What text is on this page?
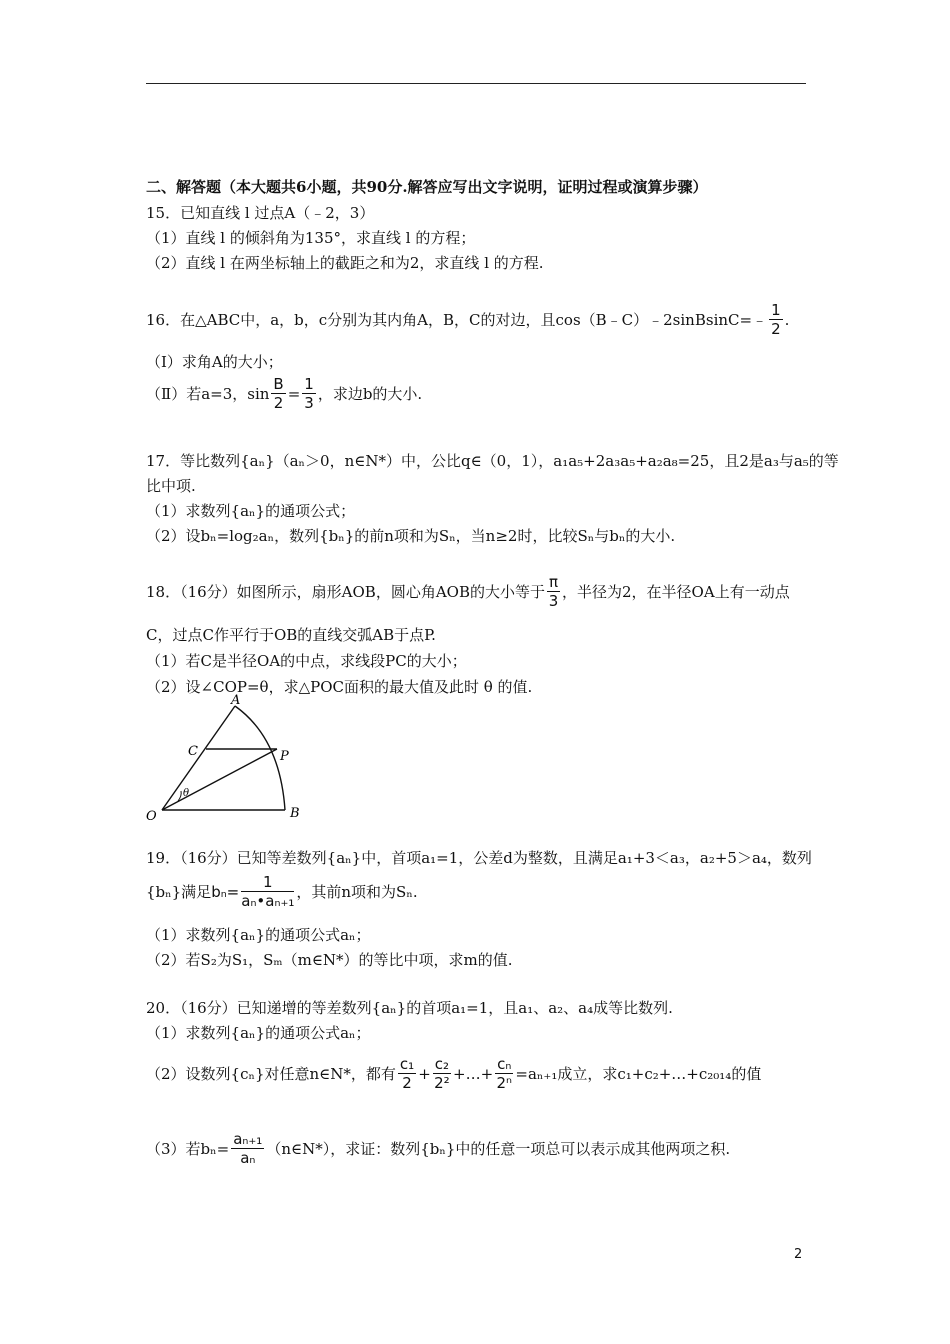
二、解答题（本大题共6小题，共90分.解答应写出文字说明，证明过程或演算步骤）
15．已知直线 l 过点A（﹣2，3）
（1）直线 l 的倾斜角为135°，求直线 l 的方程；
（2）直线 l 在两坐标轴上的截距之和为2，求直线 l 的方程.
16．在△ABC中，a，b，c分别为其内角A，B，C的对边，且cos（B﹣C）﹣2sinBsinC=﹣ $\frac{1}{2}$ .
（Ⅰ）求角A的大小；
（Ⅱ）若a=3，$\sin \frac{B}{2} = \frac{1}{3}$ ，求边b的大小.
17．等比数列{aₙ}（aₙ＞0，n∈N*）中，公比q∈（0，1），a₁a₅+2a₃a₅+a₂a₈=25，且2是a₃与a₅的等
比中项.
（1）求数列{aₙ}的通项公式；
（2）设bₙ=log₂aₙ，数列{bₙ}的前n项和为Sₙ，当n≥2时，比较Sₙ与bₙ的大小.
18．（16分）如图所示，扇形AOB，圆心角AOB的大小等于 $\frac{\pi}{3}$ ，半径为2，在半径OA上有一动点
C，过点C作平行于OB的直线交弧AB于点P.
（1）若C是半径OA的中点，求线段PC的大小；
（2）设∠COP=θ，求△POC面积的最大值及此时 θ 的值.
A
C	P
O	B
θ
19．（16分）已知等差数列{aₙ}中，首项a₁=1，公差d为整数，且满足a₁+3＜a₃，a₂+5＞a₄，数列
{bₙ}满足 $b_n= \frac{1}{\text{aₙ•aₙ₊₁}}$ ，其前n项和为Sₙ.
（1）求数列{aₙ}的通项公式aₙ；
（2）若S₂为S₁，Sₘ（m∈N*）的等比中项，求m的值.
20．（16分）已知递增的等差数列{aₙ}的首项a₁=1，且a₁、a₂、a₄成等比数列.
（1）求数列{aₙ}的通项公式aₙ；
（2）设数列{cₙ}对任意n∈N*，都有 $\frac{\text{c₁}}{2} + \frac{\text{c₂}}{\text{2²}}$ +…+ $\frac{\text{cₙ}}{\text{2ⁿ}} =a_{n+1}$成立，求c₁+c₂+…+c₂₀₁₄的值
（3）若$b_n= \frac{\text{aₙ₊₁}}{\text{aₙ}}$ （n∈N*），求证：数列{bₙ}中的任意一项总可以表示成其他两项之积.
2
